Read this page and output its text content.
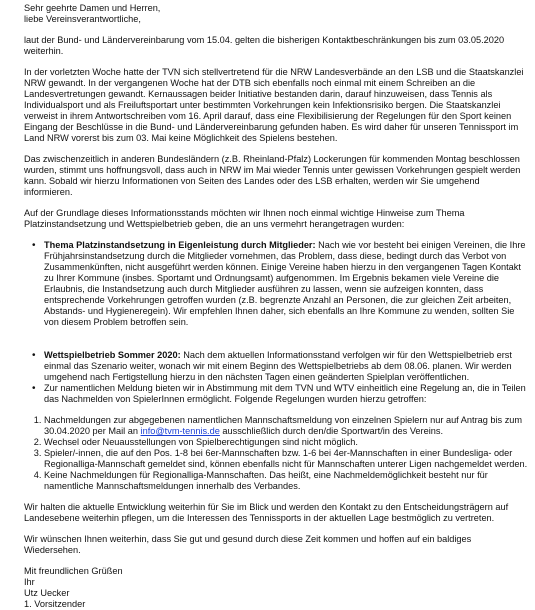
Sehr geehrte Damen und Herren,

liebe Vereinsverantwortliche,

laut der Bund- und Ländervereinbarung vom 15.04. gelten die bisherigen Kontaktbeschränkungen bis zum 03.05.2020 weiterhin.

In der vorletzten Woche hatte der TVN sich stellvertretend für die NRW Landesverbände an den LSB und die Staatskanzlei NRW gewandt. In der vergangenen Woche hat der DTB sich ebenfalls noch einmal mit einem Schreiben an die Landesvertretungen gewandt. Kernaussagen beider Initiative bestanden darin, darauf hinzuweisen, dass Tennis als Individualsport und als Freiluftsportart unter bestimmten Vorkehrungen kein Infektionsrisiko bergen. Die Staatskanzlei verweist in ihrem Antwortschreiben vom 16. April darauf, dass eine Flexibilisierung der Regelungen für den Sport keinen Eingang der Beschlüsse in die Bund- und Ländervereinbarung gefunden haben. Es wird daher für unseren Tennissport im Land NRW vorerst bis zum 03. Mai keine Möglichkeit des Spielens bestehen.

Das zwischenzeitlich in anderen Bundesländern (z.B. Rheinland-Pfalz) Lockerungen für kommenden Montag beschlossen wurden, stimmt uns hoffnungsvoll, dass auch in NRW im Mai wieder Tennis unter gewissen Vorkehrungen gespielt werden kann. Sobald wir hierzu Informationen von Seiten des Landes oder des LSB erhalten, werden wir Sie umgehend informieren.

Auf der Grundlage dieses Informationsstands möchten wir Ihnen noch einmal wichtige Hinweise zum Thema Platzinstandsetzung und Wettspielbetrieb geben, die an uns vermehrt herangetragen wurden:

• Thema Platzinstandsetzung in Eigenleistung durch Mitglieder: Nach wie vor besteht bei einigen Vereinen, die Ihre Frühjahrsinstandsetzung durch die Mitglieder vornehmen, das Problem, dass diese, bedingt durch das Verbot von Zusammenkünften, nicht ausgeführt werden können. Einige Vereine haben hierzu in den vergangenen Tagen Kontakt zu Ihrer Kommune (insbes. Sportamt und Ordnungsamt) aufgenommen. Im Ergebnis bekamen viele Vereine die Erlaubnis, die Instandsetzung auch durch Mitglieder ausführen zu lassen, wenn sie aufzeigen konnten, dass entsprechende Vorkehrungen getroffen wurden (z.B. begrenzte Anzahl an Personen, die zur gleichen Zeit arbeiten, Abstands- und Hygieneregein). Wir empfehlen Ihnen daher, sich ebenfalls an Ihre Kommune zu wenden, sollten Sie von diesem Problem betroffen sein.
• Wettspielbetrieb Sommer 2020: Nach dem aktuellen Informationsstand verfolgen wir für den Wettspielbetrieb erst einmal das Szenario weiter, wonach wir mit einem Beginn des Wettspielbetriebs ab dem 08.06. planen. Wir werden umgehend nach Fertigstellung hierzu in den nächsten Tagen einen geänderten Spielplan veröffentlichen.
• Zur namentlichen Meldung bieten wir in Abstimmung mit dem TVN und WTV einheitlich eine Regelung an, die in Teilen das Nachmelden von SpielerInnen ermöglicht. Folgende Regelungen wurden hierzu getroffen:
1. Nachmeldungen zur abgegebenen namentlichen Mannschaftsmeldung von einzelnen Spielern nur auf Antrag bis zum 30.04.2020 per Mail an info@tvm-tennis.de ausschließlich durch den/die Sportwart/in des Vereins.
2. Wechsel oder Neuausstellungen von Spielberechtigungen sind nicht möglich.
3. Spieler/-innen, die auf den Pos. 1-8 bei 6er-Mannschaften bzw. 1-6 bei 4er-Mannschaften in einer Bundesliga- oder Regionalliga-Mannschaft gemeldet sind, können ebenfalls nicht für Mannschaften unterer Ligen nachgemeldet werden.
4. Keine Nachmeldungen für Regionalliga-Mannschaften. Das heißt, eine Nachmeldemöglichkeit besteht nur für namentliche Mannschaftsmeldungen innerhalb des Verbandes.

Wir halten die aktuelle Entwicklung weiterhin für Sie im Blick und werden den Kontakt zu den Entscheidungsträgern auf Landesebene weiterhin pflegen, um die Interessen des Tennissports in der aktuellen Lage bestmöglich zu vertreten.

Wir wünschen Ihnen weiterhin, dass Sie gut und gesund durch diese Zeit kommen und hoffen auf ein baldiges Wiedersehen.

Mit freundlichen Grüßen

Ihr

Utz Uecker

1. Vorsitzender
